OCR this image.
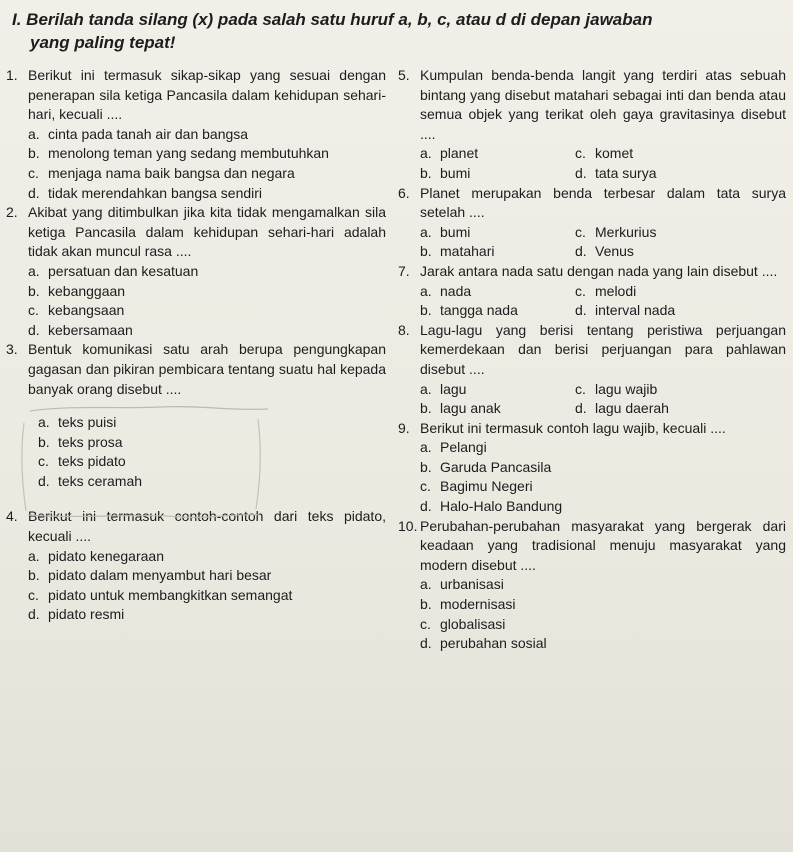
I. Berilah tanda silang (x) pada salah satu huruf a, b, c, atau d di depan jawaban
yang paling tepat!
1. Berikut ini termasuk sikap-sikap yang sesuai dengan penerapan sila ketiga Pancasila dalam kehidupan sehari-hari, kecuali ....
a. cinta pada tanah air dan bangsa
b. menolong teman yang sedang membutuhkan
c. menjaga nama baik bangsa dan negara
d. tidak merendahkan bangsa sendiri
2. Akibat yang ditimbulkan jika kita tidak mengamalkan sila ketiga Pancasila dalam kehidupan sehari-hari adalah tidak akan muncul rasa ....
a. persatuan dan kesatuan
b. kebanggaan
c. kebangsaan
d. kebersamaan
3. Bentuk komunikasi satu arah berupa pengungkapan gagasan dan pikiran pembicara tentang suatu hal kepada banyak orang disebut ....
a. teks puisi
b. teks prosa
c. teks pidato
d. teks ceramah
4. Berikut ini termasuk contoh-contoh dari teks pidato, kecuali ....
a. pidato kenegaraan
b. pidato dalam menyambut hari besar
c. pidato untuk membangkitkan semangat
d. pidato resmi
5. Kumpulan benda-benda langit yang terdiri atas sebuah bintang yang disebut matahari sebagai inti dan benda atau semua objek yang terikat oleh gaya gravitasinya disebut ....
a. planet	c. komet
b. bumi	d. tata surya
6. Planet merupakan benda terbesar dalam tata surya setelah ....
a. bumi	c. Merkurius
b. matahari	d. Venus
7. Jarak antara nada satu dengan nada yang lain disebut ....
a. nada	c. melodi
b. tangga nada	d. interval nada
8. Lagu-lagu yang berisi tentang peristiwa perjuangan kemerdekaan dan berisi perjuangan para pahlawan disebut ....
a. lagu	c. lagu wajib
b. lagu anak	d. lagu daerah
9. Berikut ini termasuk contoh lagu wajib, kecuali ....
a. Pelangi
b. Garuda Pancasila
c. Bagimu Negeri
d. Halo-Halo Bandung
10. Perubahan-perubahan masyarakat yang bergerak dari keadaan yang tradisional menuju masyarakat yang modern disebut ....
a. urbanisasi
b. modernisasi
c. globalisasi
d. perubahan sosial
